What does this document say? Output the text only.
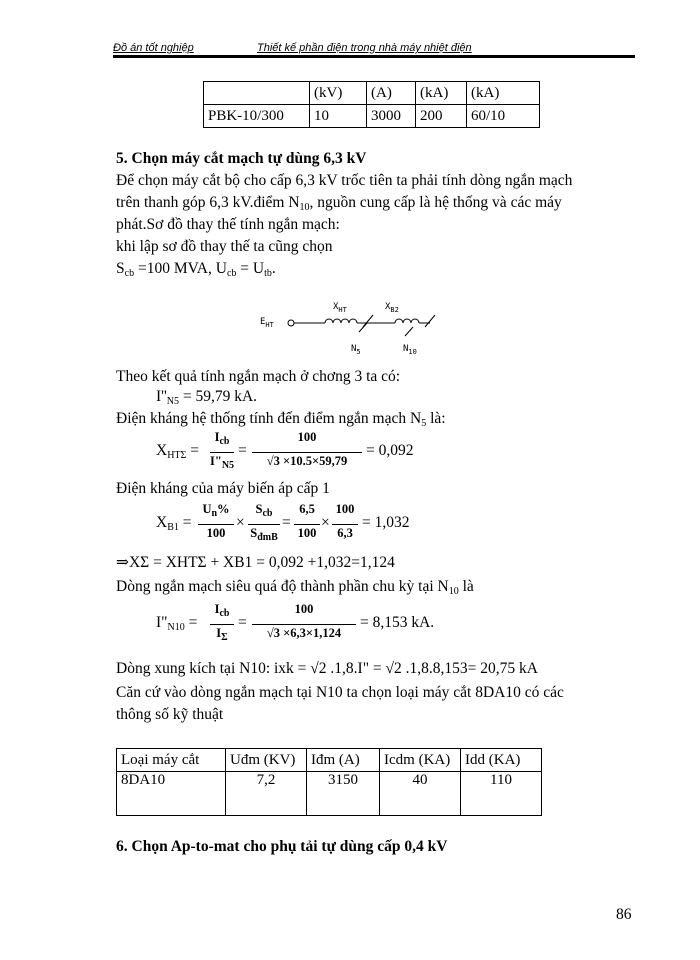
Đồ án tốt nghiệp	Thiết kế phần điện trong nhà máy nhiệt điện
	(kV)	(A)	(kA)	(kA)
PBK-10/300	10	3000	200	60/10
5. Chọn máy cắt mạch tự dùng 6,3 kV
Để chọn máy cắt bộ cho cấp 6,3 kV trốc tiên ta phải tính dòng ngắn mạch
trên thanh góp 6,3 kV.điểm $N_{10}$, nguồn cung cấp là hệ thống và các máy
phát.Sơ đồ thay thế tính ngắn mạch:
khi lập sơ đồ thay thế ta cũng chọn
$S_{cb} =100$ MVA, $U_{cb} = U_{tb}$.
$E_{HT}$
$X_{HT}$	$X_{B2}$
$N_5$	$N_{10}$
Theo kết quả tính ngắn mạch ở chơng 3 ta có:
$I''_{N5} = 59,79$ kA.
Điện kháng hệ thống tính đến điểm ngắn mạch $N_5$ là:
$X_{HT\Sigma}$ =
$I_{cb}$
$I"_{N5}$
=
100
√3 ×10.5×59,79
= 0,092
Điện kháng của máy biến áp cấp 1
$X_{B1}$ =
$U_n\%$
100
×
$S_{cb}$
$S_{đmB}$
=
6,5
100
×
100
6,3
= 1,032
⇒XΣ = XHTΣ + XB1 = 0,092 +1,032=1,124
Dòng ngắn mạch siêu quá độ thành phần chu kỳ tại $N_{10}$ là
$I"_{N10}$ =
$I_{cb}$
$I_\Sigma$
=
100
√3 ×6,3×1,124
= 8,153 kA.
Dòng xung kích tại N10: ixk = √2 .1,8.I" = √2 .1,8.8,153= 20,75 kA
Căn cứ vào dòng ngắn mạch tại N10 ta chọn loại máy cắt 8DA10 có các
thông số kỹ thuật
Loại máy cắt	Uđm (KV)	Iđm (A)	Icdm (KA)	Idd (KA)
8DA10	7,2	3150	40	110
6. Chọn Ap-to-mat cho phụ tải tự dùng cấp 0,4 kV
86
